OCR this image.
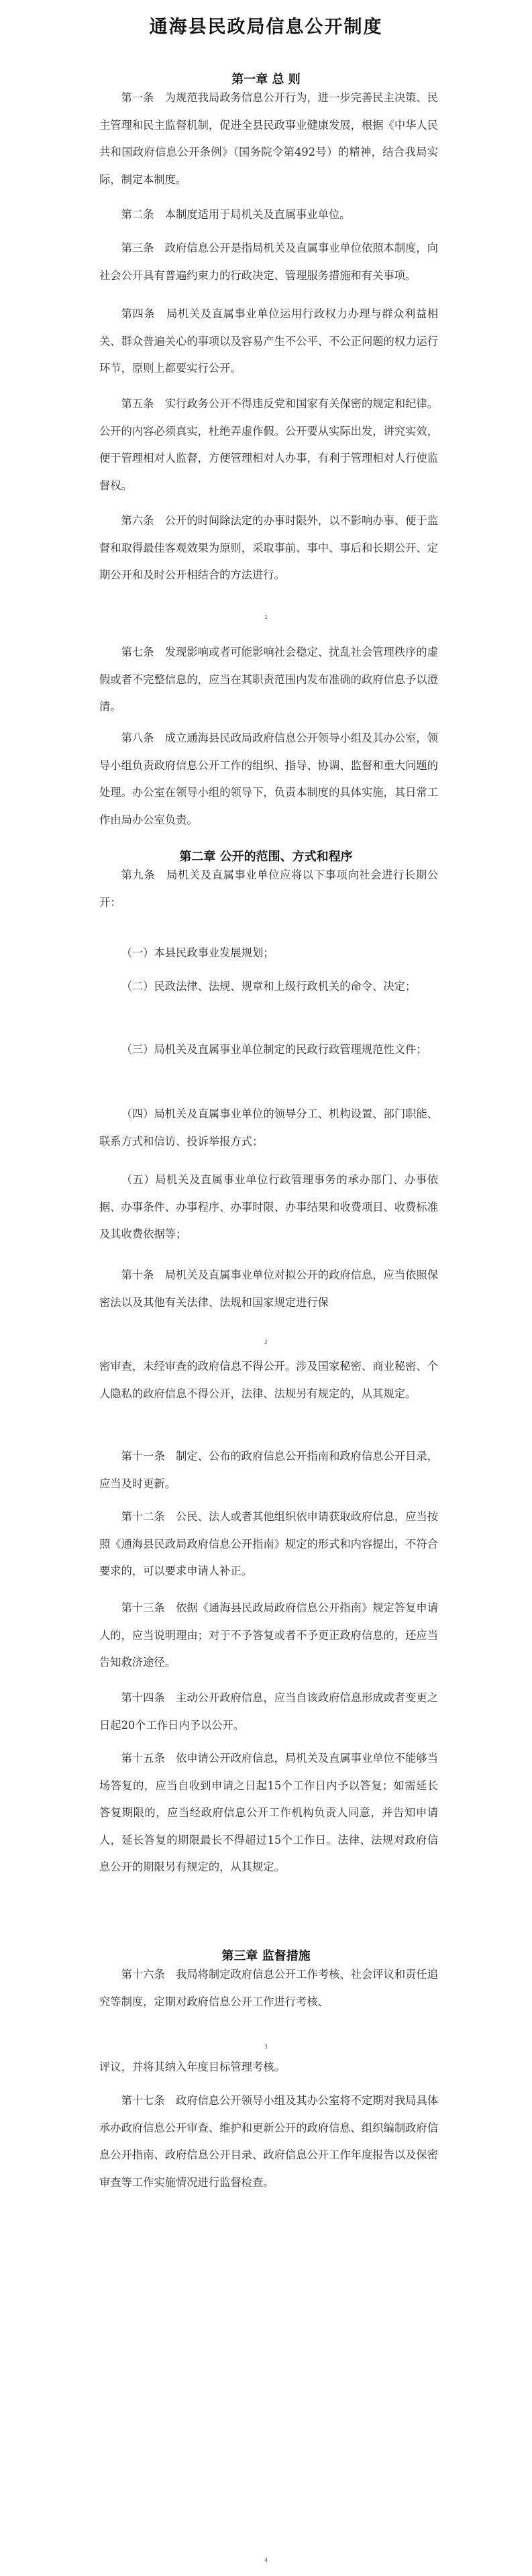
通海县民政局信息公开制度
第一章 总 则

第一条　为规范我局政务信息公开行为，进一步完善民主决策、民主管理和民主监督机制，促进全县民政事业健康发展，根据《中华人民共和国政府信息公开条例》（国务院令第492号）的精神，结合我局实际，制定本制度。

第二条　本制度适用于局机关及直属事业单位。

第三条　政府信息公开是指局机关及直属事业单位依照本制度，向社会公开具有普遍约束力的行政决定、管理服务措施和有关事项。

第四条　局机关及直属事业单位运用行政权力办理与群众利益相关、群众普遍关心的事项以及容易产生不公平、不公正问题的权力运行环节，原则上都要实行公开。

第五条　实行政务公开不得违反党和国家有关保密的规定和纪律。公开的内容必须真实，杜绝弄虚作假。公开要从实际出发，讲究实效，便于管理相对人监督，方便管理相对人办事，有利于管理相对人行使监督权。

第六条　公开的时间除法定的办事时限外，以不影响办事、便于监督和取得最佳客观效果为原则，采取事前、事中、事后和长期公开、定期公开和及时公开相结合的方法进行。

1

第七条　发现影响或者可能影响社会稳定、扰乱社会管理秩序的虚假或者不完整信息的，应当在其职责范围内发布准确的政府信息予以澄清。

第八条　成立通海县民政局政府信息公开领导小组及其办公室，领导小组负责政府信息公开工作的组织、指导、协调、监督和重大问题的处理。办公室在领导小组的领导下，负责本制度的具体实施，其日常工作由局办公室负责。

第二章 公开的范围、方式和程序

第九条　局机关及直属事业单位应将以下事项向社会进行长期公开：

（一）本县民政事业发展规划；

（二）民政法律、法规、规章和上级行政机关的命令、决定；

（三）局机关及直属事业单位制定的民政行政管理规范性文件；

（四）局机关及直属事业单位的领导分工、机构设置、部门职能、联系方式和信访、投诉举报方式；

（五）局机关及直属事业单位行政管理事务的承办部门、办事依据、办事条件、办事程序、办事时限、办事结果和收费项目、收费标准及其收费依据等；

第十条　局机关及直属事业单位对拟公开的政府信息，应当依照保密法以及其他有关法律、法规和国家规定进行保

2

密审查，未经审查的政府信息不得公开。涉及国家秘密、商业秘密、个人隐私的政府信息不得公开，法律、法规另有规定的，从其规定。

第十一条　制定、公布的政府信息公开指南和政府信息公开目录，应当及时更新。

第十二条　公民、法人或者其他组织依申请获取政府信息，应当按照《通海县民政局政府信息公开指南》规定的形式和内容提出，不符合要求的，可以要求申请人补正。

第十三条　依据《通海县民政局政府信息公开指南》规定答复申请人的，应当说明理由；对于不予答复或者不予更正政府信息的，还应当告知救济途径。

第十四条　主动公开政府信息，应当自该政府信息形成或者变更之日起20个工作日内予以公开。

第十五条　依申请公开政府信息，局机关及直属事业单位不能够当场答复的，应当自收到申请之日起15个工作日内予以答复；如需延长答复期限的，应当经政府信息公开工作机构负责人同意，并告知申请人，延长答复的期限最长不得超过15个工作日。法律、法规对政府信息公开的期限另有规定的，从其规定。

第三章 监督措施

第十六条　我局将制定政府信息公开工作考核、社会评议和责任追究等制度，定期对政府信息公开工作进行考核、

3

评议，并将其纳入年度目标管理考核。

第十七条　政府信息公开领导小组及其办公室将不定期对我局具体承办政府信息公开审查、维护和更新公开的政府信息、组织编制政府信息公开指南、政府信息公开目录、政府信息公开工作年度报告以及保密审查等工作实施情况进行监督检查。

4
